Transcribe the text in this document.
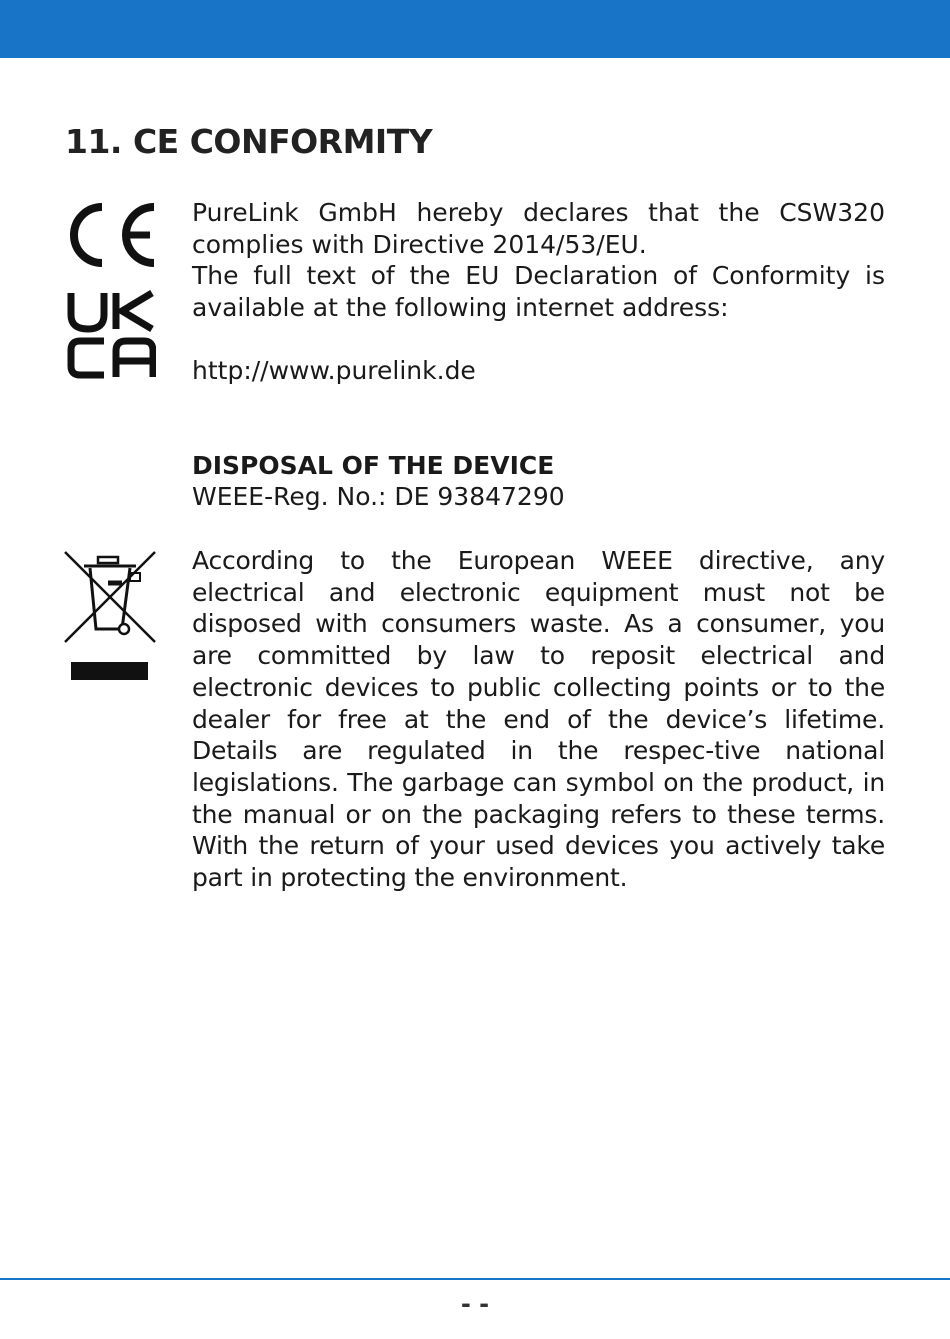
11. CE CONFORMITY

PureLink GmbH hereby declares that the CSW320

complies with Directive 2014/53/EU.

The full text of the EU Declaration of Conformity is

available at the following internet address:

http://www.purelink.de
DISPOSAL OF THE DEVICE
WEEE-Reg. No.: DE 93847290

According to the European WEEE directive, any electrical and electronic equipment must not be disposed with consumers waste. As a consumer, you are committed by law to reposit electrical and electronic devices to public collecting points or to the dealer for free at the end of the device’s lifetime. Details are regulated in the respec-tive national legislations. The garbage can symbol on the product, in the manual or on the packaging refers to these terms. With the return of your used devices you actively take part in protecting the environment.

- -
